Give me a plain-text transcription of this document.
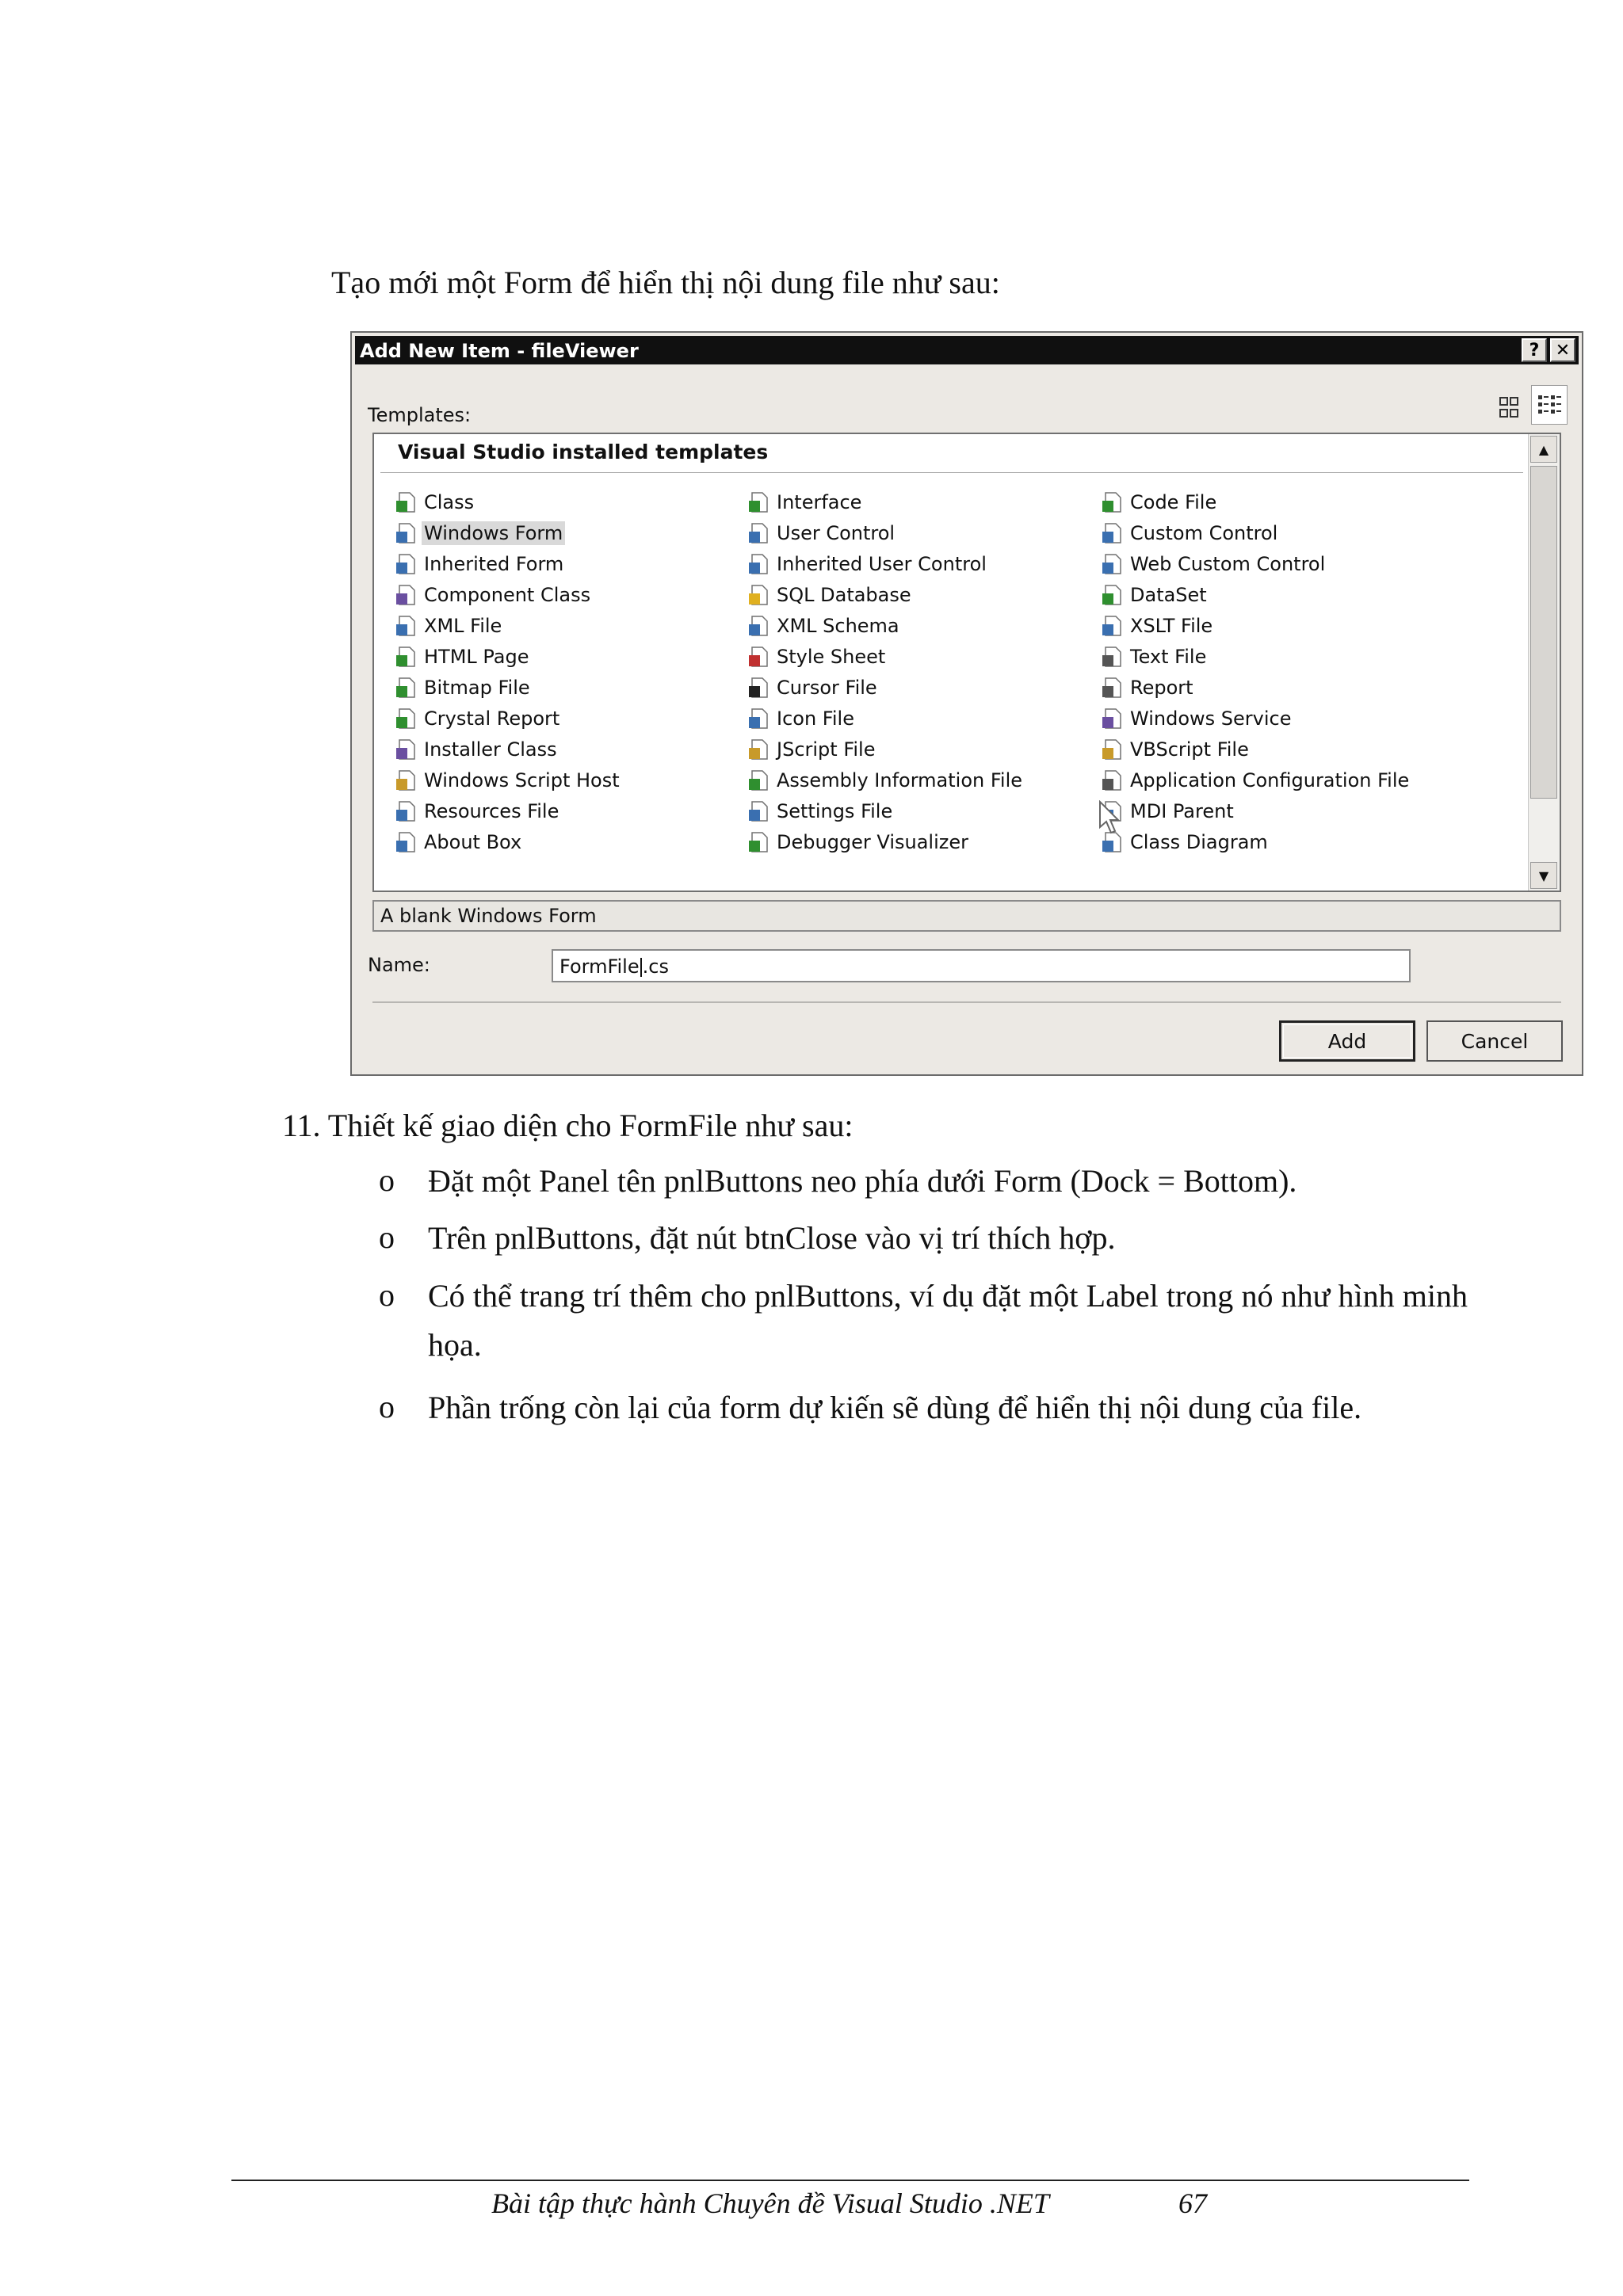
Tạo mới một Form để hiển thị nội dung file như sau:
Add New Item - fileViewer	? ✕
Templates:
Visual Studio installed templates
Class
Windows Form
Inherited Form
Component Class
XML File
HTML Page
Bitmap File
Crystal Report
Installer Class
Windows Script Host
Resources File
About Box
Interface
User Control
Inherited User Control
SQL Database
XML Schema
Style Sheet
Cursor File
Icon File
JScript File
Assembly Information File
Settings File
Debugger Visualizer
Code File
Custom Control
Web Custom Control
DataSet
XSLT File
Text File
Report
Windows Service
VBScript File
Application Configuration File
MDI Parent
Class Diagram
▲
▼
A blank Windows Form
Name:	FormFile .cs
Add	Cancel
11. Thiết kế giao diện cho FormFile như sau:
o Đặt một Panel tên pnlButtons neo phía dưới Form (Dock = Bottom).
o Trên pnlButtons, đặt nút btnClose vào vị trí thích hợp.
o Có thể trang trí thêm cho pnlButtons, ví dụ đặt một Label trong nó như hình minh họa.
o Phần trống còn lại của form dự kiến sẽ dùng để hiển thị nội dung của file.
Bài tập thực hành Chuyên đề Visual Studio .NET	67
